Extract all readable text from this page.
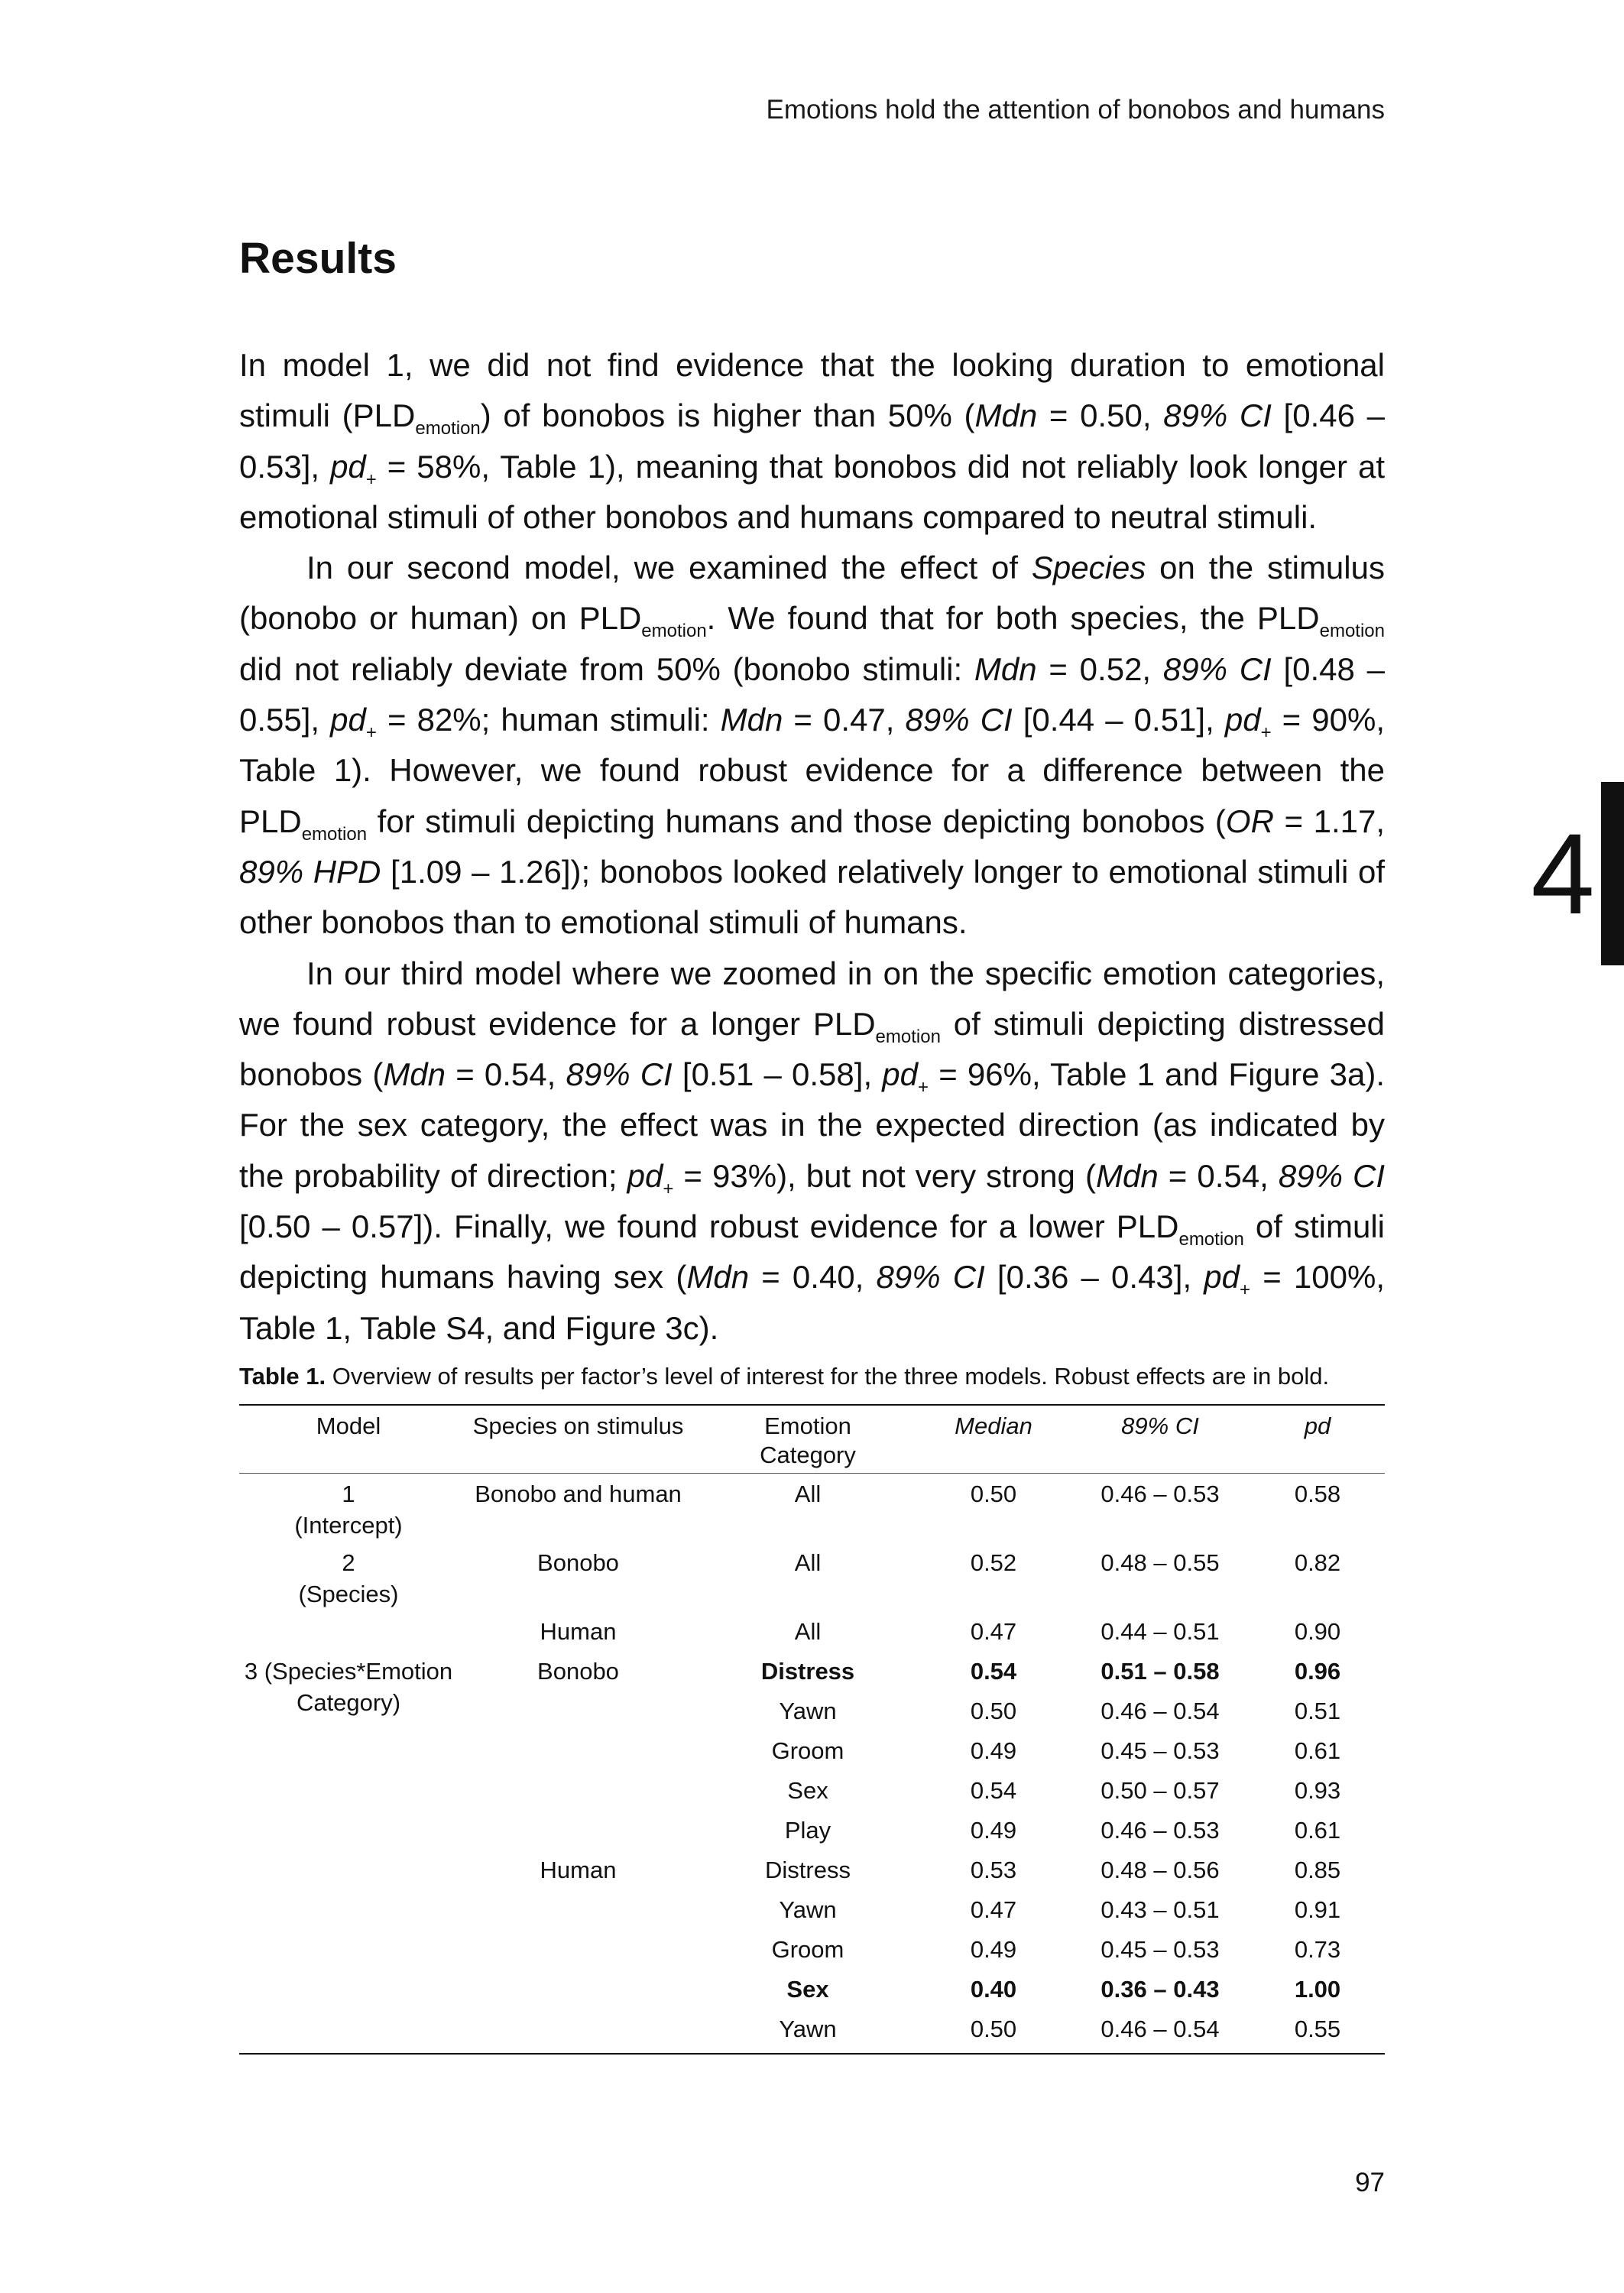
Emotions hold the attention of bonobos and humans
Results

In model 1, we did not find evidence that the looking duration to emotional stimuli $(PLD_{emotion})$ of bonobos is higher than 50% (Mdn = 0.50, 89% CI [0.46 – 0.53], $pd_+ = 58\%$, Table 1), meaning that bonobos did not reliably look longer at emotional stimuli of other bonobos and humans compared to neutral stimuli.

In our second model, we examined the effect of Species on the stimulus (bonobo or human) on $PLD_{emotion}$. We found that for both species, the $PLD_{emotion}$ did not reliably deviate from 50% (bonobo stimuli: Mdn = 0.52, 89% CI [0.48 – 0.55], $pd_+ = 82\%$; human stimuli: Mdn = 0.47, 89% CI [0.44 – 0.51], $pd_+ = 90\%$, Table 1). However, we found robust evidence for a difference between the $PLD_{emotion}$ for stimuli depicting humans and those depicting bonobos (OR = 1.17, 89% HPD [1.09 – 1.26]); bonobos looked relatively longer to emotional stimuli of other bonobos than to emotional stimuli of humans.

In our third model where we zoomed in on the specific emotion categories, we found robust evidence for a longer $PLD_{emotion}$ of stimuli depicting distressed bonobos (Mdn = 0.54, 89% CI [0.51 – 0.58], $pd_+ = 96\%$, Table 1 and Figure 3a). For the sex category, the effect was in the expected direction (as indicated by the probability of direction; $pd_+ = 93\%$), but not very strong (Mdn = 0.54, 89% CI [0.50 – 0.57]). Finally, we found robust evidence for a lower $PLD_{emotion}$ of stimuli depicting humans having sex (Mdn = 0.40, 89% CI [0.36 – 0.43], $pd_+ = 100\%$, Table 1, Table S4, and Figure 3c).

Table 1. Overview of results per factor’s level of interest for the three models. Robust effects are in bold.
Model	Species on stimulus	Emotion
Category	Median	89% CI	pd
1
(Intercept)	Bonobo and human	All	0.50	0.46 – 0.53	0.58
2
(Species)	Bonobo	All	0.52	0.48 – 0.55	0.82
	Human	All	0.47	0.44 – 0.51	0.90

3 (Species*Emotion
Category)	Bonobo	Distress	0.54	0.51 – 0.58	0.96
		Yawn	0.50	0.46 – 0.54	0.51
		Groom	0.49	0.45 – 0.53	0.61
		Sex	0.54	0.50 – 0.57	0.93
		Play	0.49	0.46 – 0.53	0.61
	Human	Distress	0.53	0.48 – 0.56	0.85
		Yawn	0.47	0.43 – 0.51	0.91
		Groom	0.49	0.45 – 0.53	0.73
		Sex	0.40	0.36 – 0.43	1.00
		Yawn	0.50	0.46 – 0.54	0.55
4
97
